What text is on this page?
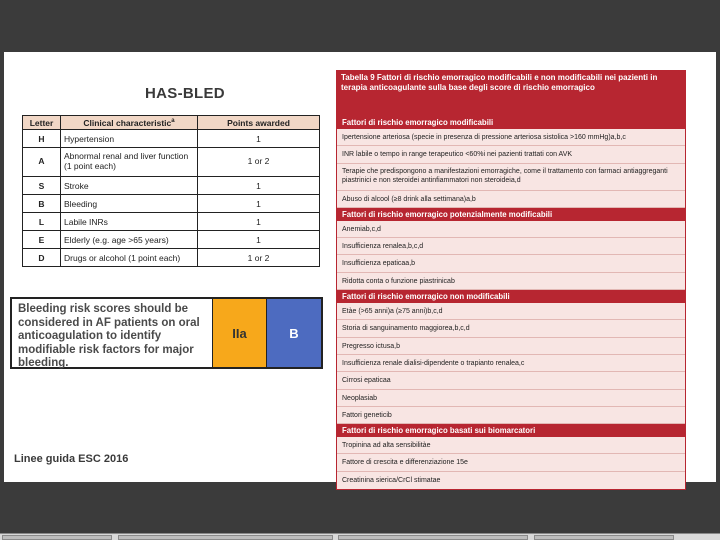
HAS-BLED
Letter	Clinical characteristic$^a$	Points awarded
H	Hypertension	1
A	Abnormal renal and liver function (1 point each)	1 or 2
S	Stroke	1
B	Bleeding	1
L	Labile INRs	1
E	Elderly (e.g. age >65 years)	1
D	Drugs or alcohol (1 point each)	1 or 2
Bleeding risk scores should be considered in AF patients on oral anticoagulation to identify modifiable risk factors for major bleeding.
IIa	B
Linee guida ESC 2016
Tabella 9 Fattori di rischio emorragico modificabili e non modificabili nei pazienti in terapia anticoagulante sulla base degli score di rischio emorragico
Fattori di rischio emorragico modificabili
Ipertensione arteriosa (specie in presenza di pressione arteriosa sistolica >160 mmHg)a,b,c
INR labile o tempo in range terapeutico <60%i nei pazienti trattati con AVK
Terapie che predispongono a manifestazioni emorragiche, come il trattamento con farmaci antiaggreganti piastrinici e non steroidei antinfiammatori non steroideia,d
Abuso di alcool (≥8 drink alla settimana)a,b
Fattori di rischio emorragico potenzialmente modificabili
Anemiab,c,d
Insufficienza renalea,b,c,d
Insufficienza epaticaa,b
Ridotta conta o funzione piastrinicab
Fattori di rischio emorragico non modificabili
Etàe (>65 anni)a (≥75 anni)b,c,d
Storia di sanguinamento maggiorea,b,c,d
Pregresso ictusa,b
Insufficienza renale dialisi-dipendente o trapianto renalea,c
Cirrosi epaticaa
Neoplasiab
Fattori geneticib
Fattori di rischio emorragico basati sui biomarcatori
Tropinina ad alta sensibilitàe
Fattore di crescita e differenziazione 15e
Creatinina sierica/CrCl stimatae
